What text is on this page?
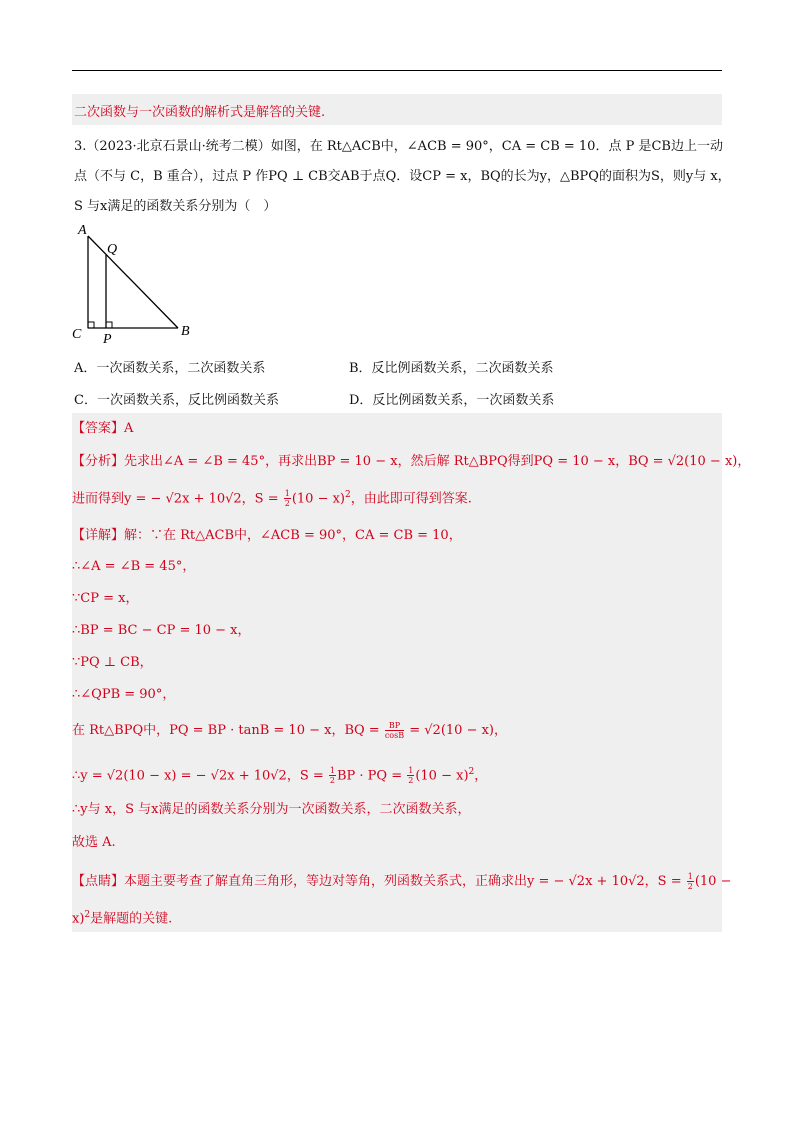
二次函数与一次函数的解析式是解答的关键.
3.（2023·北京石景山·统考二模）如图，在 Rt△ACB中，∠ACB = 90°，CA = CB = 10．点 P 是CB边上一动
点（不与 C，B 重合），过点 P 作PQ ⊥ CB交AB于点Q．设CP = x，BQ的长为y，△BPQ的面积为S，则y与 x，
S 与x满足的函数关系分别为（　）
A
Q
C P
B
A．一次函数关系，二次函数关系	B．反比例函数关系，二次函数关系
C．一次函数关系，反比例函数关系	D．反比例函数关系，一次函数关系
【答案】A
【分析】先求出∠A = ∠B = 45°，再求出BP = 10 − x，然后解 Rt△BPQ得到PQ = 10 − x，BQ = √2(10 − x)，
进而得到y = − √2x + 10√2，$S = \frac{1}{2} (10 - x)^2$，由此即可得到答案.
【详解】解：∵在 Rt△ACB中，∠ACB = 90°，CA = CB = 10，
∴∠A = ∠B = 45°，
∵CP = x，
∴BP = BC − CP = 10 − x，
∵PQ ⊥ CB，
∴∠QPB = 90°，
在 Rt△BPQ中，PQ = BP · tanB = 10 − x，BQ = $\frac{BP}{\cos B} = √2(10 - x)$，
∴y = √2(10 − x) = − √2x + 10√2，$S = \frac{1}{2}$ BP · PQ = $\frac{1}{2} (10 - x)^2$，
∴y与 x，S 与x满足的函数关系分别为一次函数关系，二次函数关系，
故选 A.
【点睛】本题主要考查了解直角三角形，等边对等角，列函数关系式，正确求出y = − √2x + 10√2，$S = \frac{1}{2} (10$ −
x)$^2$是解题的关键.
